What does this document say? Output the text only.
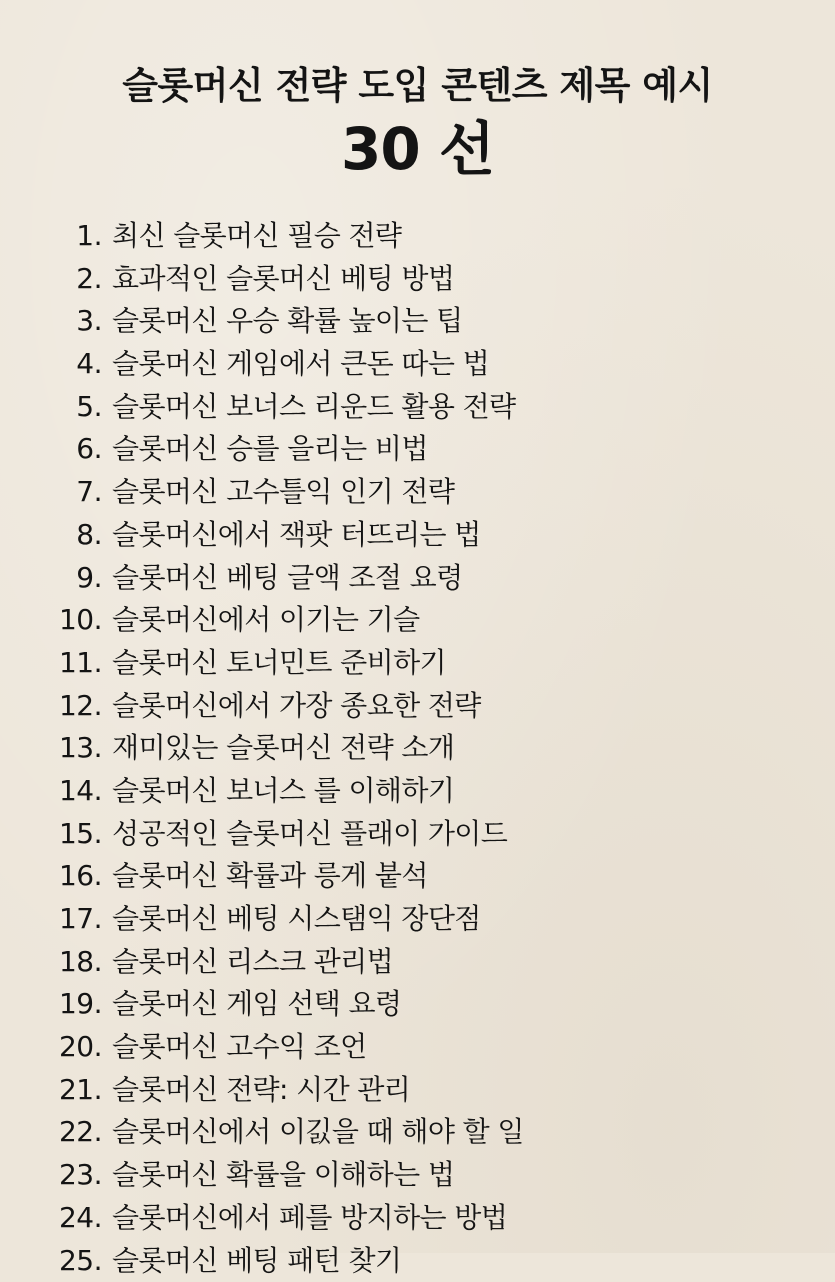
슬롯머신 전략 도입 콘텐츠 제목 예시
30 선
1. 최신 슬롯머신 필승 전략
2. 효과적인 슬롯머신 베팅 방법
3. 슬롯머신 우승 확률 높이는 팁
4. 슬롯머신 게임에서 큰돈 따는 법
5. 슬롯머신 보너스 리운드 활용 전략
6. 슬롯머신 승를 을리는 비법
7. 슬롯머신 고수틀익 인기 전략
8. 슬롯머신에서 잭팟 터뜨리는 법
9. 슬롯머신 베팅 글액 조절 요령
10. 슬롯머신에서 이기는 기슬
11. 슬롯머신 토너민트 준비하기
12. 슬롯머신에서 가장 종요한 전략
13. 재미있는 슬롯머신 전략 소개
14. 슬롯머신 보너스 를 이해하기
15. 성공적인 슬롯머신 플래이 가이드
16. 슬롯머신 확률과 릉게 붙석
17. 슬롯머신 베팅 시스탬익 장단점
18. 슬롯머신 리스크 관리법
19. 슬롯머신 게임 선택 요령
20. 슬롯머신 고수익 조언
21. 슬롯머신 전략: 시간 관리
22. 슬롯머신에서 이긼을 때 해야 할 일
23. 슬롯머신 확률을 이해하는 법
24. 슬롯머신에서 페를 방지하는 방법
25. 슬롯머신 베팅 패턴 찾기
